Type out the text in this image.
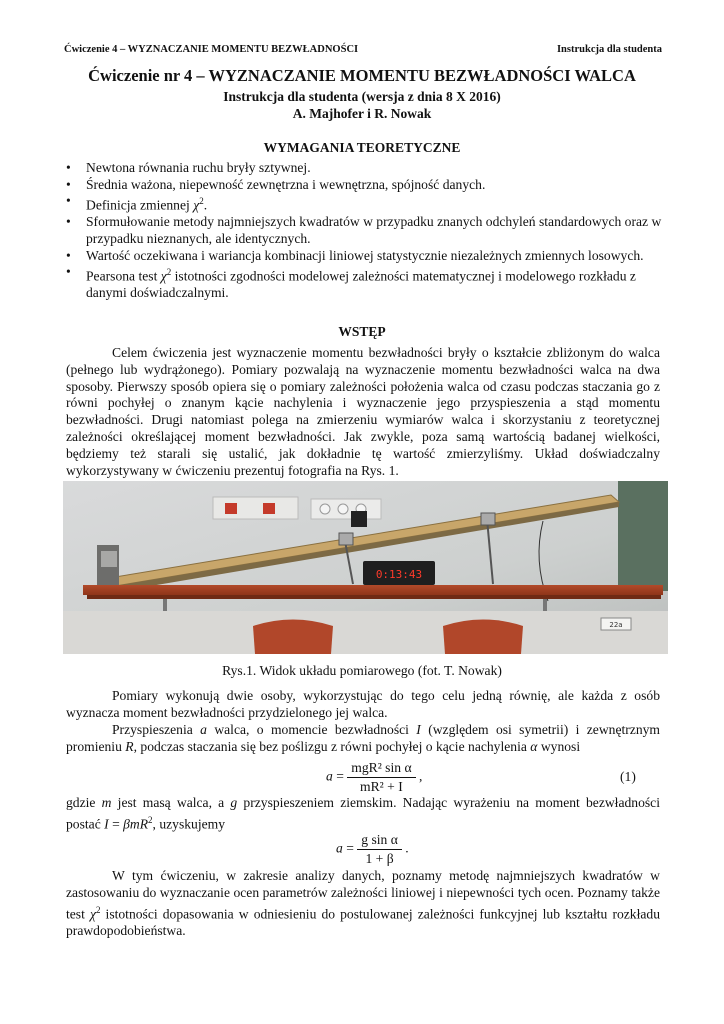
Ćwiczenie 4 – WYZNACZANIE MOMENTU BEZWŁADNOŚCI	Instrukcja dla studenta
Ćwiczenie nr 4 – WYZNACZANIE MOMENTU BEZWŁADNOŚCI WALCA
Instrukcja dla studenta (wersja z dnia 8 X 2016)
A. Majhofer i R. Nowak
WYMAGANIA TEORETYCZNE
• Newtona równania ruchu bryły sztywnej.
• Średnia ważona, niepewność zewnętrzna i wewnętrzna, spójność danych.
• Definicja zmiennej $\chi^2$.
• Sformułowanie metody najmniejszych kwadratów w przypadku znanych odchyleń standardowych oraz w przypadku nieznanych, ale identycznych.
• Wartość oczekiwana i wariancja kombinacji liniowej statystycznie niezależnych zmiennych losowych.
• Pearsona test $\chi^2$ istotności zgodności modelowej zależności matematycznej i modelowego rozkładu z danymi doświadczalnymi.
WSTĘP

Celem ćwiczenia jest wyznaczenie momentu bezwładności bryły o kształcie zbliżonym do walca (pełnego lub wydrążonego). Pomiary pozwalają na wyznaczenie momentu bezwładności walca na dwa sposoby. Pierwszy sposób opiera się o pomiary zależności położenia walca od czasu podczas staczania go z równi pochyłej o znanym kącie nachylenia i wyznaczenie jego przyspieszenia a stąd momentu bezwładności. Drugi natomiast polega na zmierzeniu wymiarów walca i skorzystaniu z teoretycznej zależności określającej moment bezwładności. Jak zwykle, poza samą wartością badanej wielkości, będziemy też starali się ustalić, jak dokładnie tę wartość zmierzyliśmy. Układ doświadczalny wykorzystywany w ćwiczeniu prezentuj fotografia na Rys. 1.

0:13:43
22a
Rys.1. Widok układu pomiarowego (fot. T. Nowak)

Pomiary wykonują dwie osoby, wykorzystując do tego celu jedną równię, ale każda z osób wyznacza moment bezwładności przydzielonego jej walca.

Przyspieszenia a walca, o momencie bezwładności I (względem osi symetrii) i zewnętrznym promieniu R, podczas staczania się bez poślizgu z równi pochyłej o kącie nachylenia α wynosi

$a = \frac{\text{mgR² sin α}}{\text{mR² + I}}$ ,	(1)

gdzie m jest masą walca, a g przyspieszeniem ziemskim. Nadając wyrażeniu na moment bezwładności postać I = βmR$^2$, uzyskujemy

$a = \frac{\text{g sin α}}{1 + \beta}$ .

W tym ćwiczeniu, w zakresie analizy danych, poznamy metodę najmniejszych kwadratów w zastosowaniu do wyznaczanie ocen parametrów zależności liniowej i niepewności tych ocen. Poznamy także test $\chi^2$ istotności dopasowania w odniesieniu do postulowanej zależności funkcyjnej lub kształtu rozkładu prawdopodobieństwa.
